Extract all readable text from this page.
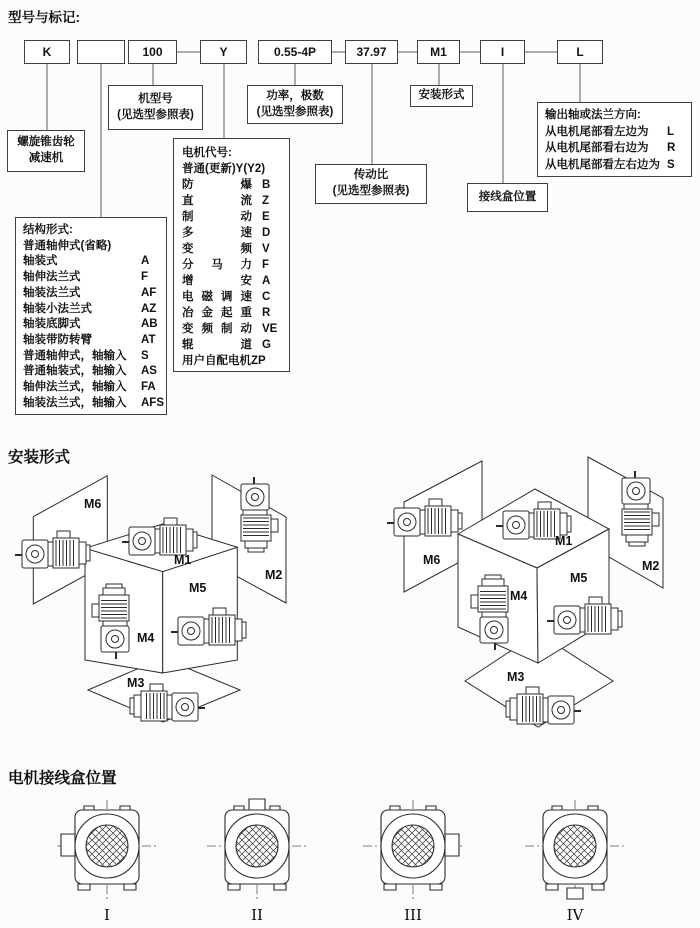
型号与标记:
K	100	Y	0.55-4P	37.97	M1	I	L
螺旋锥齿轮
减速机
机型号
(见选型参照表)
功率，极数
(见选型参照表)
电机代号:
普通(更新)Y(Y2)
防爆 B
直流 Z
制动 E
多速 D
变频 V
分马力 F
增安 A
电磁调速 C
冶金起重 R
变频制动 VE
辊道 G
用户自配电机 ZP
传动比
(见选型参照表)
安装形式
输出轴或法兰方向:
从电机尾部看左边为	L
从电机尾部看右边为	R
从电机尾部看左右边为 S
接线盒位置
结构形式:
普通轴伸式(省略)
轴装式	A
轴伸法兰式	F
轴装法兰式	AF
轴装小法兰式	AZ
轴装底脚式	AB
轴装带防转臂	AT
普通轴伸式，轴输入	S
普通轴装式，轴输入	AS
轴伸法兰式，轴输入	FA
轴装法兰式，轴输入	AFS
安装形式
M6
M1
M2
M4
M5
M3
M6
M1
M2
M4
M5
M3
电机接线盒位置
I	II	III	IV
